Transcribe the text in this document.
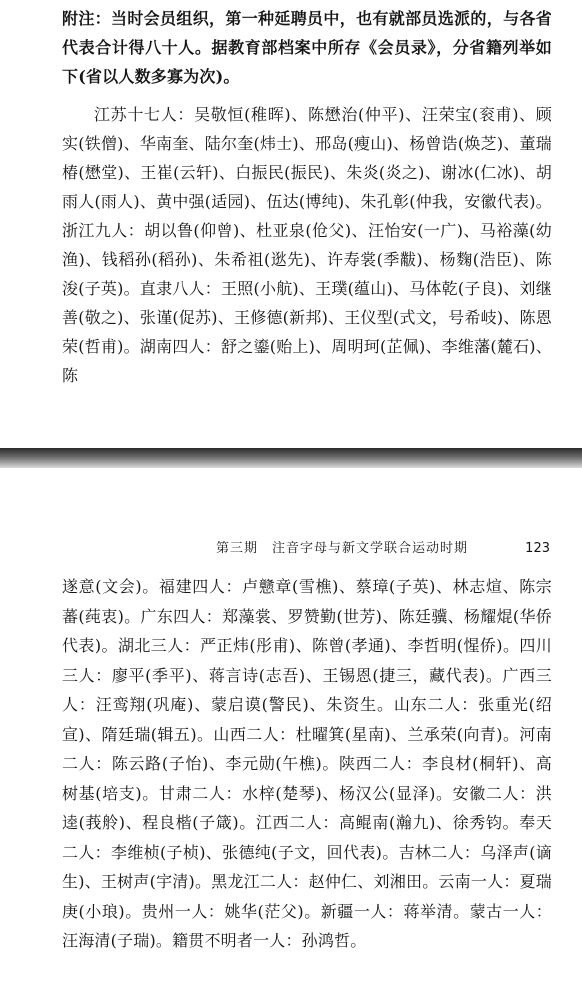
附注：当时会员组织，第一种延聘员中，也有就部员选派的，与各省代表合计得八十人。据教育部档案中所存《会员录》，分省籍列举如下(省以人数多寡为次)。

江苏十七人：吴敬恒(稚晖)、陈懋治(仲平)、汪荣宝(衮甫)、顾实(铁僧)、华南奎、陆尔奎(炜士)、邢岛(瘦山)、杨曾诰(焕芝)、董瑞椿(懋堂)、王崔(云轩)、白振民(振民)、朱炎(炎之)、谢冰(仁冰)、胡雨人(雨人)、黄中强(适园)、伍达(博纯)、朱孔彰(仲我，安徽代表)。浙江九人：胡以鲁(仰曾)、杜亚泉(伧父)、汪怡安(一广)、马裕藻(幼渔)、钱稻孙(稻孙)、朱希祖(逖先)、许寿裳(季黻)、杨麴(浩臣)、陈浚(子英)。直隶八人：王照(小航)、王璞(蕴山)、马体乾(子良)、刘继善(敬之)、张谨(促苏)、王修德(新邦)、王仪型(式文，号希岐)、陈恩荣(哲甫)。湖南四人：舒之鎏(贻上)、周明珂(芷佩)、李维藩(麓石)、陈

第三期　注音字母与新文学联合运动时期	123

遂意(文会)。福建四人：卢戆章(雪樵)、蔡璋(子英)、林志煊、陈宗蕃(莼衷)。广东四人：郑藻裳、罗赞勤(世芳)、陈廷骥、杨耀焜(华侨代表)。湖北三人：严正炜(彤甫)、陈曾(孝通)、李哲明(惺侨)。四川三人：廖平(季平)、蒋言诗(志吾)、王锡恩(捷三，藏代表)。广西三人：汪鸾翔(巩庵)、蒙启谟(警民)、朱资生。山东二人：张重光(绍宣)、隋廷瑞(辑五)。山西二人：杜曜箕(星南)、兰承荣(向青)。河南二人：陈云路(子怡)、李元勋(午樵)。陕西二人：李良材(桐轩)、高树基(培支)。甘肃二人：水梓(楚琴)、杨汉公(显泽)。安徽二人：洪逵(莪舲)、程良楷(子箴)。江西二人：高鲲南(瀚九)、徐秀钧。奉天二人：李维桢(子桢)、张德纯(子文，回代表)。吉林二人：乌泽声(谪生)、王树声(宇清)。黑龙江二人：赵仲仁、刘湘田。云南一人：夏瑞庚(小琅)。贵州一人：姚华(茫父)。新疆一人：蒋举清。蒙古一人：汪海清(子瑞)。籍贯不明者一人：孙鸿哲。
